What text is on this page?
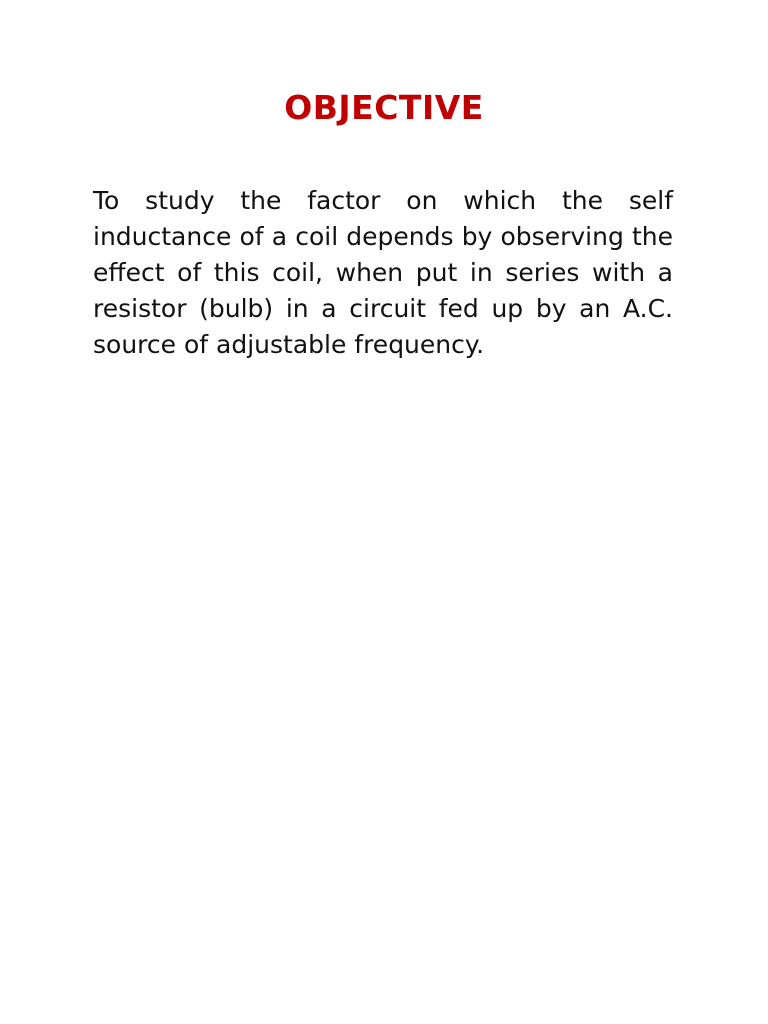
OBJECTIVE

To study the factor on which the self inductance of a coil depends by observing the effect of this coil, when put in series with a resistor (bulb) in a circuit fed up by an A.C. source of adjustable frequency.
